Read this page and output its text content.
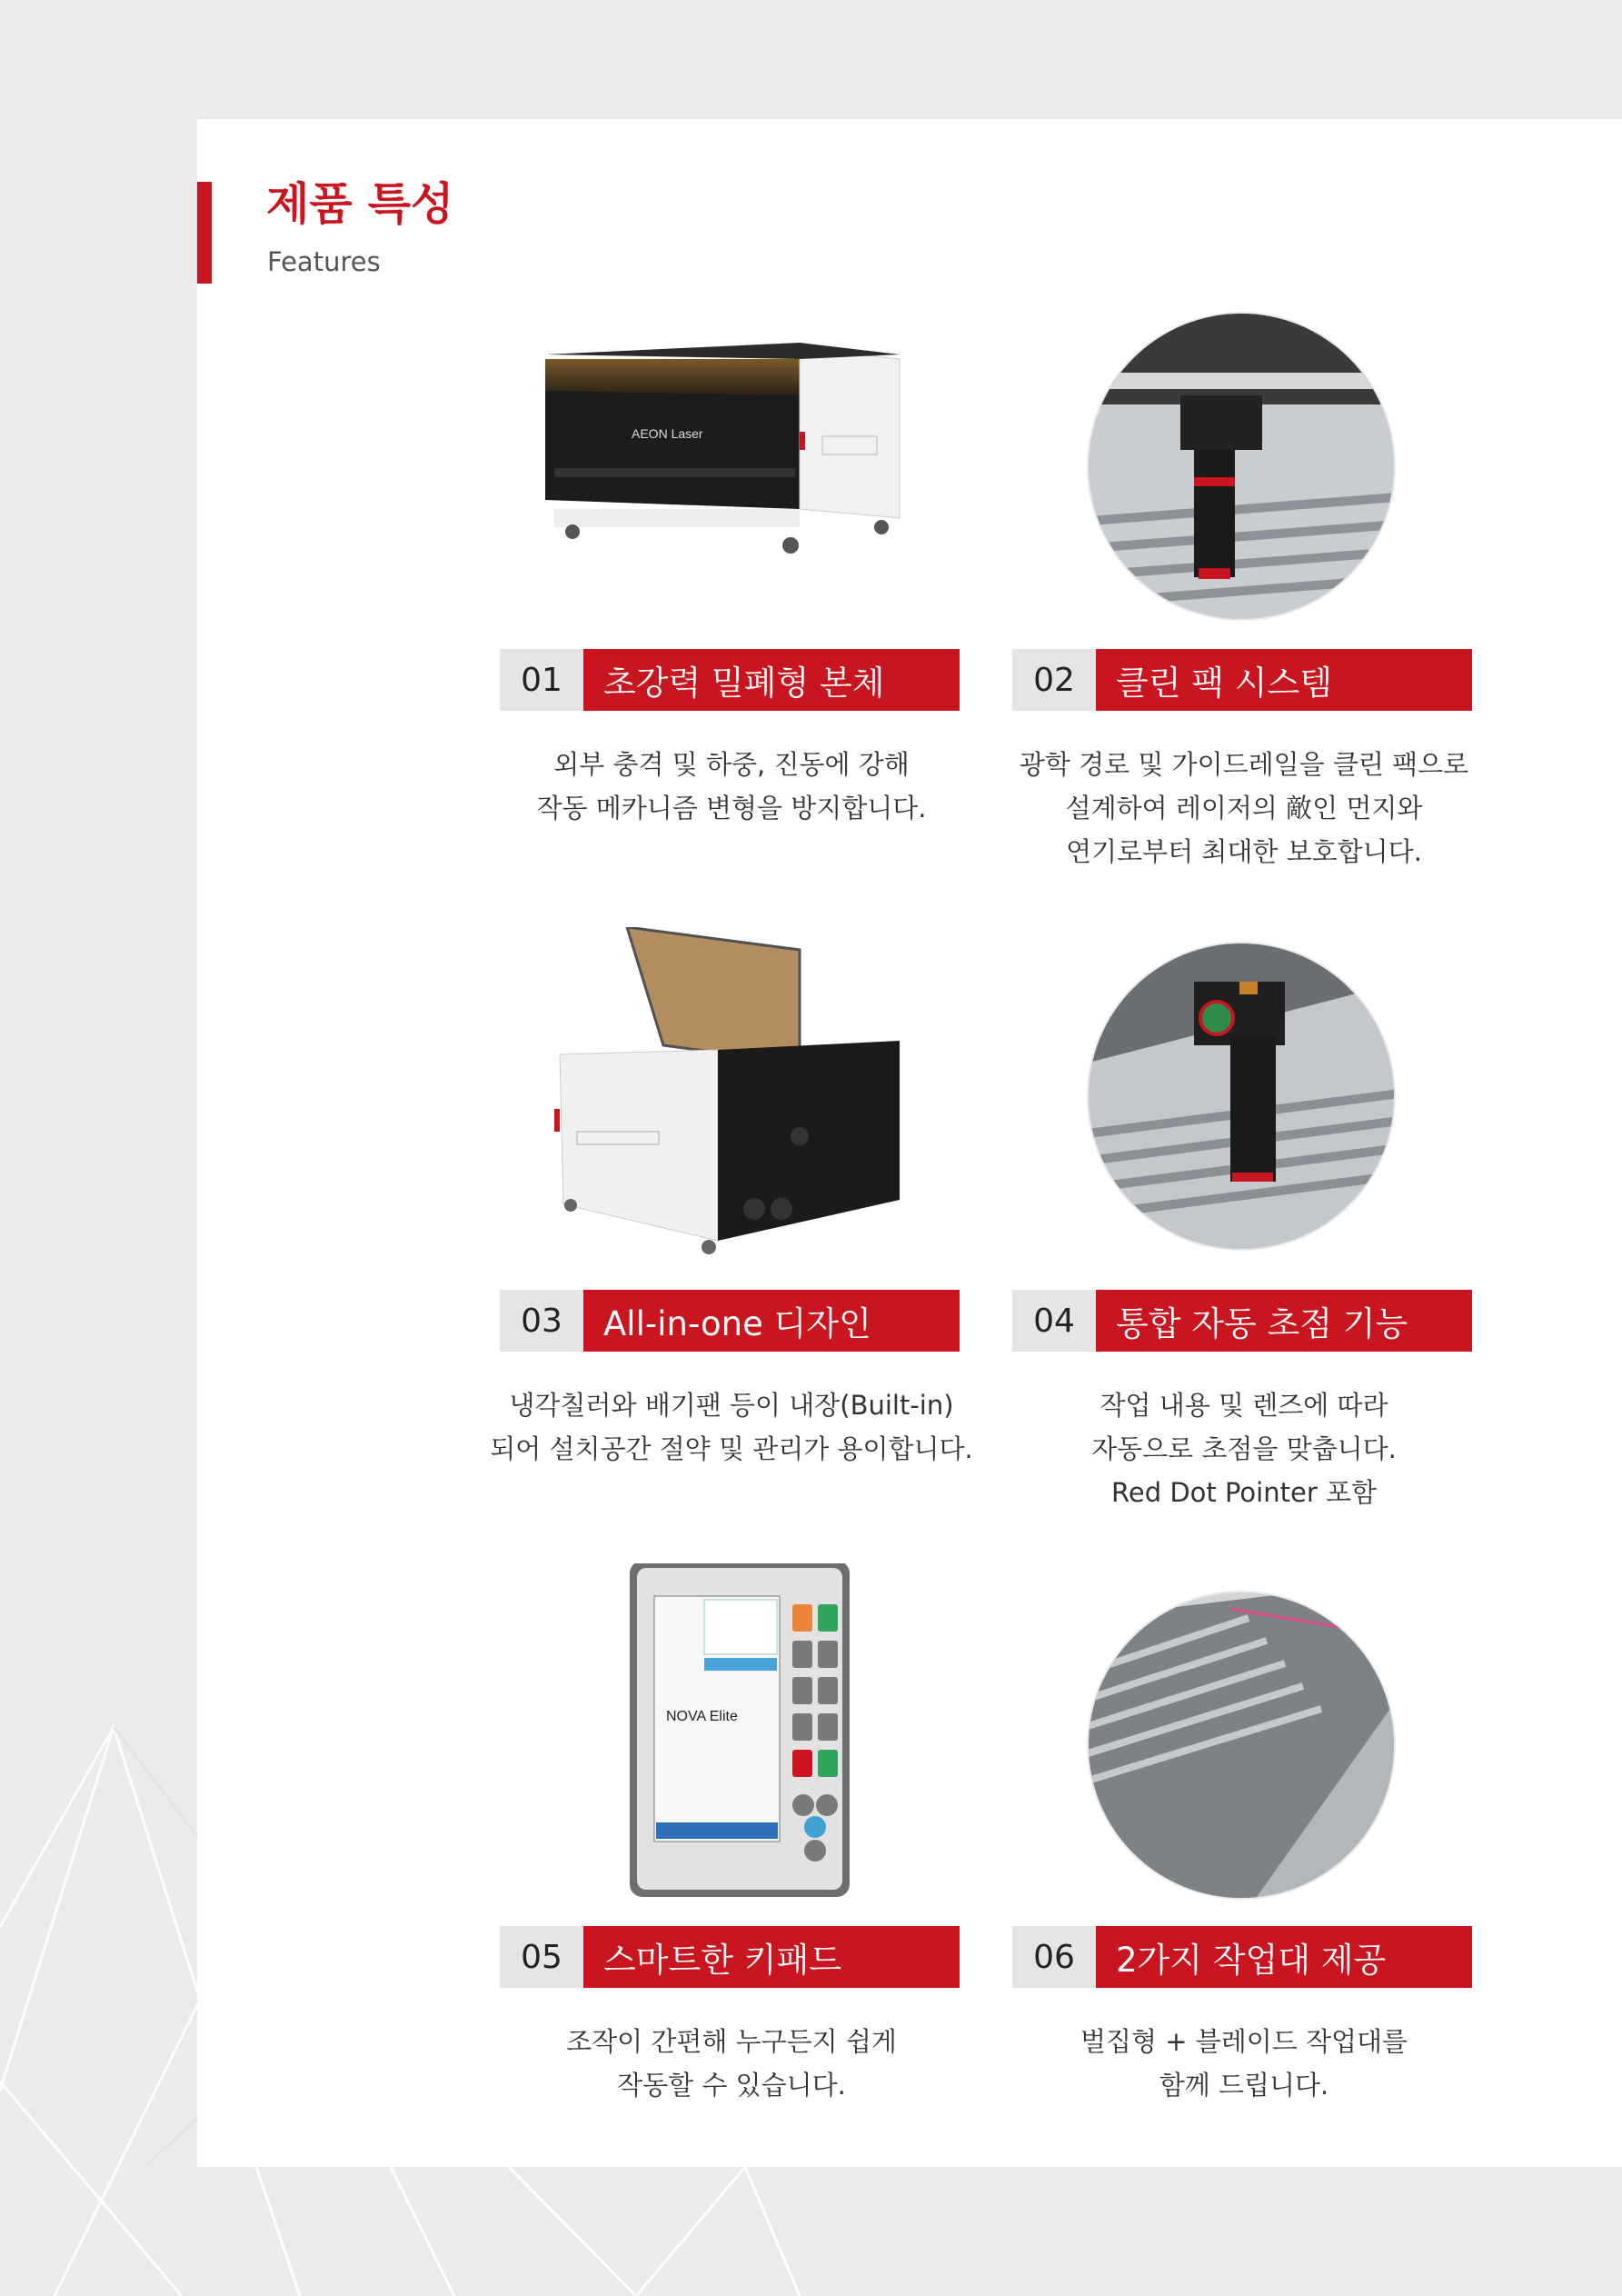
제품 특성
Features
AEON Laser
01	초강력 밀폐형 본체
외부 충격 및 하중, 진동에 강해
작동 메카니즘 변형을 방지합니다.
02	클린 팩 시스템
광학 경로 및 가이드레일을 클린 팩으로
설계하여 레이저의 敵인 먼지와
연기로부터 최대한 보호합니다.
03	All-in-one 디자인
냉각칠러와 배기팬 등이 내장(Built-in)
되어 설치공간 절약 및 관리가 용이합니다.
04	통합 자동 초점 기능
작업 내용 및 렌즈에 따라
자동으로 초점을 맞춥니다.
Red Dot Pointer 포함
NOVA Elite
05	스마트한 키패드
조작이 간편해 누구든지 쉽게
작동할 수 있습니다.
06	2가지 작업대 제공
벌집형 + 블레이드 작업대를
함께 드립니다.
